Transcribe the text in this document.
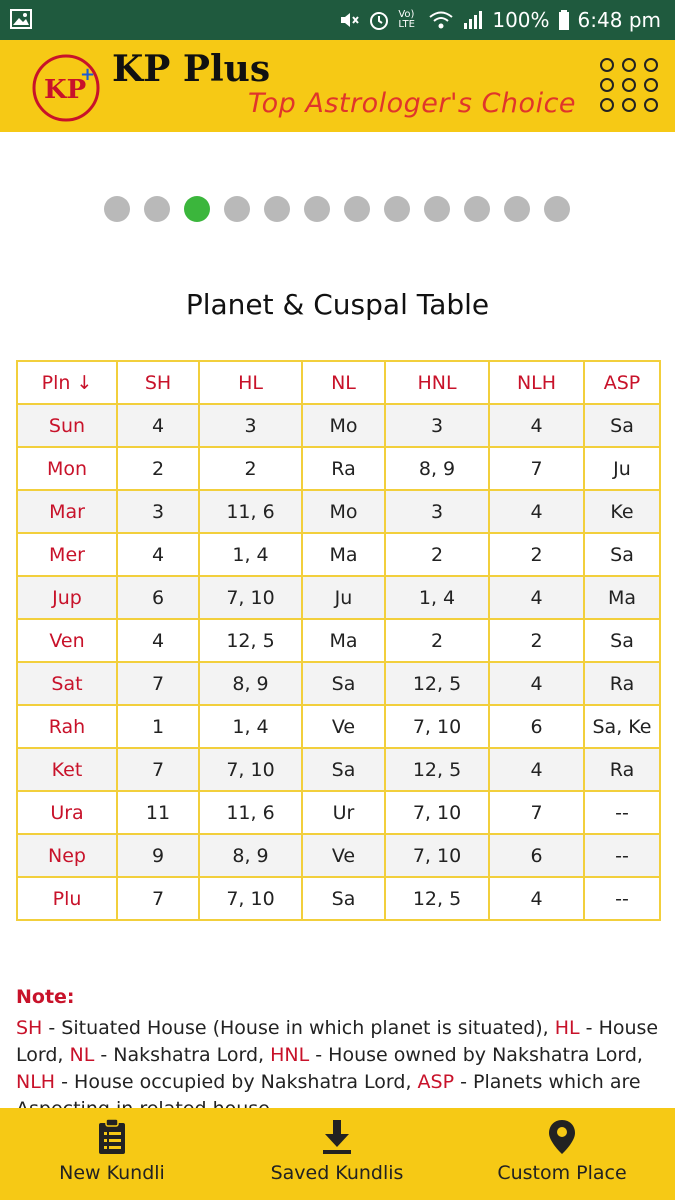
Vo) LTE	100% 6:48 pm
KP
+ KP Plus
Top Astrologer's Choice
Planet & Cuspal Table
Pln ↓	SH	HL	NL	HNL	NLH	ASP
Sun	4	3	Mo	3	4	Sa
Mon	2	2	Ra	8, 9	7	Ju
Mar	3	11, 6	Mo	3	4	Ke
Mer	4	1, 4	Ma	2	2	Sa
Jup	6	7, 10	Ju	1, 4	4	Ma
Ven	4	12, 5	Ma	2	2	Sa
Sat	7	8, 9	Sa	12, 5	4	Ra
Rah	1	1, 4	Ve	7, 10	6	Sa, Ke
Ket	7	7, 10	Sa	12, 5	4	Ra
Ura	11	11, 6	Ur	7, 10	7	--
Nep	9	8, 9	Ve	7, 10	6	--
Plu	7	7, 10	Sa	12, 5	4	--
Note:
SH - Situated House (House in which planet is situated), HL - House Lord, NL - Nakshatra Lord, HNL - House owned by Nakshatra Lord, NLH - House occupied by Nakshatra Lord, ASP - Planets which are
New Kundli	Saved Kundlis	Custom Place
